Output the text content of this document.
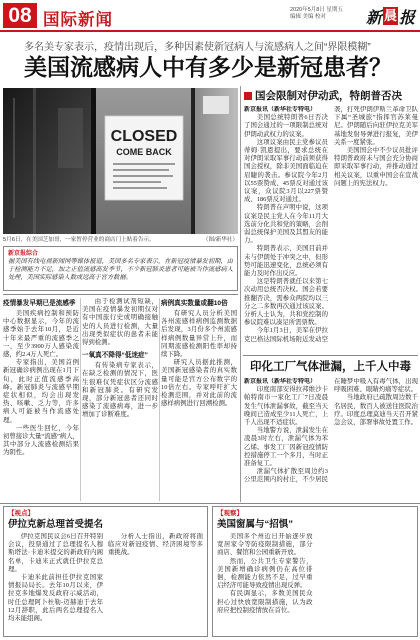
08 国际新闻
2020年5月8日 星期五
编辑 美编 校对	新 晨 报
多名美专家表示，疫情出现后，多种因素使新冠病人与流感病人之间“界限模糊”
美国流感病人中有多少是新冠患者？
CLOSED
COME BACK
5月6日，在美国芝加哥，一家暂停营业的商店门上贴着告示。	（图/新华社）
新京报综合
据美国有线电视新闻网等媒体报道，美国多名专家表示，在新冠疫情暴发初期，由于检测能力不足，加之正值流感高发季节，不少新冠肺炎患者可能被当作流感病人处理，美国实际感染人数或远高于官方数据。
疫情暴发早期已是流感季

美国疾病控制和预防中心数据显示，今年的流感季始于去年10月，是近十年来最严重的流感季之一，至少3900万人感染流感，约2.4万人死亡。

专家指出，美国首例新冠确诊病例出现在1月下旬，此时正值流感季高峰。新冠肺炎与流感早期症状相似，均会出现发热、咳嗽、乏力等，许多病人可能被当作流感处理。

一些医生回忆，今年初曾接诊大量“流感”病人，其中部分人流感检测结果为阴性。

由于检测试剂短缺，美国在疫情暴发初期仅对有中国旅行史或明确接触史的人员进行检测，大量出现类似症状的患者未能得到检测。

一氧真不降得“低迷症”

有传染病专家表示，在缺乏检测的情况下，医生很难仅凭症状区分流感和新冠肺炎。有研究发现，部分新冠患者还同时感染了流感病毒，进一步增加了诊断难度。

病例真实数量或翻10倍

有研究人员分析美国各州流感样病例监测数据后发现，3月份多个州流感样病例数量异常上升，而同期流感检测阳性率却持续下降。

研究人员据此推测，美国新冠感染者的真实数量可能是官方公布数字的10倍左右。专家呼吁扩大检测范围，并对此前的流感样病例进行回溯检测。

国会限制对伊动武，特朗普否决
新京报讯（新华社专特电）

美国总统特朗普6日否决了国会通过的一项限制总统对伊朗动武权力的议案。

这项议案由民主党参议员蒂姆·凯恩提出，要求总统在对伊朗采取军事行动前须获得国会授权，除非美国面临迫在眉睫的袭击。参议院今年2月以55票赞成、45票反对通过该议案，众议院3月以227票赞成、186票反对通过。

特朗普在声明中说，这项议案是民主党人在今年11月大选前分化共和党的策略，会削弱总统保护美国及其盟友的能力。

特朗普表示，美国目前并未与伊朗处于冲突之中，但形势可能迅速变化，总统必须有能力及时作出反应。

这是特朗普就任以来第七次动用总统否决权。国会若要推翻否决，需参众两院均以三分之二多数再次通过该议案。分析人士认为，共和党控制的参议院难以凑足所需票数。

今年1月3日，美军在伊拉克巴格达国际机场附近发动空袭，打死伊朗伊斯兰革命卫队下属“圣城旅”指挥官苏莱曼尼。伊朗随后向驻伊拉克美军基地发射导弹进行报复，美伊关系一度紧张。

美国国会中不少议员批评特朗普政府未与国会充分协商即采取军事行动，并推动通过相关议案，以重申国会在宣战问题上的宪法权力。

印化工厂气体泄漏，上千人中毒
新京报讯（新华社专特电）

印度南部安得拉邦维沙卡帕特南市一家化工厂7日凌晨发生气体泄漏事故，截至当天晚间已造成至少11人死亡，上千人出现不适症状。

当地警方说，泄漏发生在凌晨3时左右，泄漏气体为苯乙烯。事发工厂因新冠疫情防控措施停工一个多月，当时正准备复工。

泄漏气体扩散至周边约3公里范围内的村庄，不少居民在睡梦中吸入有毒气体，出现呼吸困难、眼睛灼痛等症状。

当地政府已疏散周边数千名居民，数百人被送往医院治疗。印度总理莫迪当天召开紧急会议，部署事故处置工作。

【视点】
伊拉克新总理首受提名

伊拉克国民议会6日召开特别会议，投票通过了总理提名人穆斯塔法·卡迪米提交的新政府内阁名单，卡迪米正式就任伊拉克总理。

卡迪米此前担任伊拉克国家情报局局长。去年10月以来，伊拉克多地爆发反政府示威活动，时任总理阿卜杜勒-迈赫迪于去年12月辞职，此后两名总理提名人均未能组阁。

分析人士指出，新政府将面临应对新冠疫情、经济困境等多重挑战。

【观察】
美国窗属与“招惧”

美国多个州近日开始逐步放宽居家令等防疫限制措施，部分商店、餐馆和公园重新开放。

然而，公共卫生专家警告，美国新增确诊病例仍在高位徘徊，检测能力依然不足，过早重启经济可能导致疫情出现反弹。

有民调显示，多数美国民众担心过快放宽限制措施，认为政府应把控制疫情放在首位。
